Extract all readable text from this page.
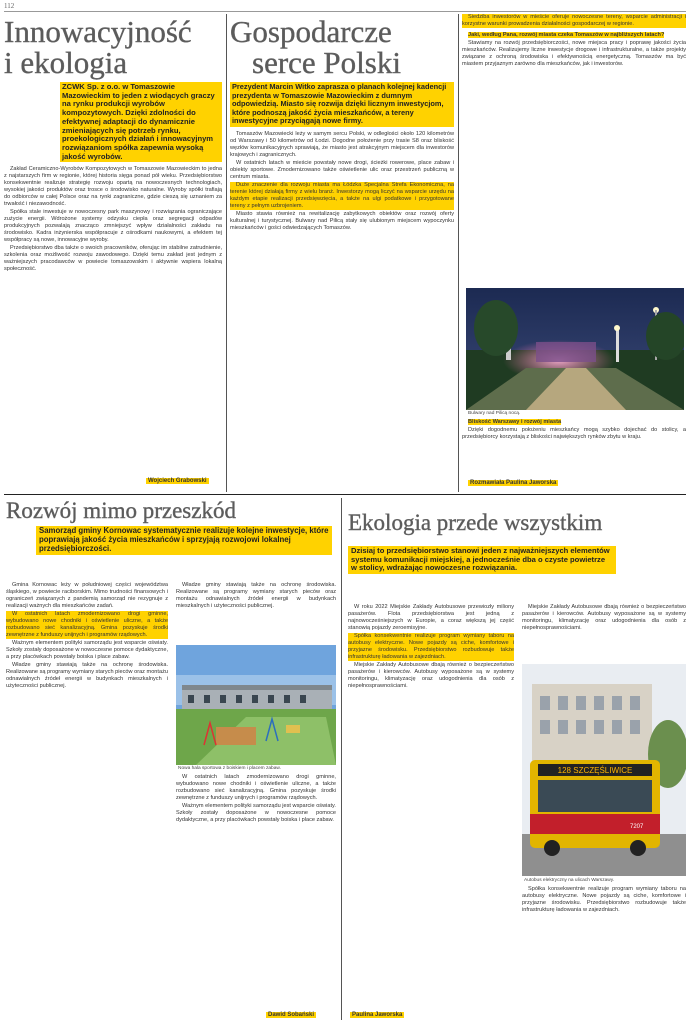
112
Innowacyjność
i ekologia
ZCWK Sp. z o.o. w Tomaszowie Mazowieckim to jeden z wiodących graczy na rynku produkcji wyrobów kompozytowych. Dzięki zdolności do efektywnej adaptacji do dynamicznie zmieniających się potrzeb rynku, proekologicznych działań i innowacyjnym rozwiązaniom spółka zapewnia wysoką jakość wyrobów.

Zakład Ceramiczno-Wyrobów Kompozytowych w Tomaszowie Mazowieckim to jedna z najstarszych firm w regionie, której historia sięga ponad pół wieku. Przedsiębiorstwo konsekwentnie realizuje strategię rozwoju opartą na nowoczesnych technologiach, wysokiej jakości produktów oraz trosce o środowisko naturalne. Wyroby spółki trafiają do odbiorców w całej Polsce oraz na rynki zagraniczne, gdzie cieszą się uznaniem za trwałość i niezawodność.

Spółka stale inwestuje w nowoczesny park maszynowy i rozwiązania ograniczające zużycie energii. Wdrożone systemy odzysku ciepła oraz segregacji odpadów produkcyjnych pozwalają znacząco zmniejszyć wpływ działalności zakładu na środowisko. Kadra inżynierska współpracuje z ośrodkami naukowymi, a efektem tej współpracy są nowe, innowacyjne wyroby.

Przedsiębiorstwo dba także o swoich pracowników, oferując im stabilne zatrudnienie, szkolenia oraz możliwość rozwoju zawodowego. Dzięki temu zakład jest jednym z ważniejszych pracodawców w powiecie tomaszowskim i aktywnie wspiera lokalną społeczność.

Wojciech Grabowski
Gospodarcze
serce Polski
Prezydent Marcin Witko zaprasza o planach kolejnej kadencji prezydenta w Tomaszowie Mazowieckim z dumnym odpowiedzią. Miasto się rozwija dzięki licznym inwestycjom, które podnoszą jakość życia mieszkańców, a tereny inwestycyjne przyciągają nowe firmy.

Tomaszów Mazowiecki leży w samym sercu Polski, w odległości około 120 kilometrów od Warszawy i 50 kilometrów od Łodzi. Dogodne położenie przy trasie S8 oraz bliskość węzłów komunikacyjnych sprawiają, że miasto jest atrakcyjnym miejscem dla inwestorów krajowych i zagranicznych.

W ostatnich latach w mieście powstały nowe drogi, ścieżki rowerowe, place zabaw i obiekty sportowe. Zmodernizowano także oświetlenie ulic oraz przestrzeń publiczną w centrum miasta.

Duże znaczenie dla rozwoju miasta ma Łódzka Specjalna Strefa Ekonomiczna, na terenie której działają firmy z wielu branż. Inwestorzy mogą liczyć na wsparcie urzędu na każdym etapie realizacji przedsięwzięcia, a także na ulgi podatkowe i przygotowane tereny z pełnym uzbrojeniem.

Miasto stawia również na rewitalizację zabytkowych obiektów oraz rozwój oferty kulturalnej i turystycznej. Bulwary nad Pilicą stały się ulubionym miejscem wypoczynku mieszkańców i gości odwiedzających Tomaszów.

Siedziba inwestorów w mieście oferuje nowoczesne tereny, wsparcie administracji i korzystne warunki prowadzenia działalności gospodarczej w regionie.

Jaki, według Pana, rozwój miasta czeka Tomaszów w najbliższych latach?

Stawiamy na rozwój przedsiębiorczości, nowe miejsca pracy i poprawę jakości życia mieszkańców. Realizujemy liczne inwestycje drogowe i infrastrukturalne, a także projekty związane z ochroną środowiska i efektywnością energetyczną. Tomaszów ma być miastem przyjaznym zarówno dla mieszkańców, jak i inwestorów.

Bulwary nad Pilicą nocą.

Bliskość Warszawy i rozwój miasta

Dzięki dogodnemu położeniu mieszkańcy mogą szybko dojechać do stolicy, a przedsiębiorcy korzystają z bliskości największych rynków zbytu w kraju.

Rozmawiała Paulina Jaworska
Rozwój mimo przeszkód
Samorząd gminy Kornowac systematycznie realizuje kolejne inwestycje, które poprawiają jakość życia mieszkańców i sprzyjają rozwojowi lokalnej przedsiębiorczości.

Gmina Kornowac leży w południowej części województwa śląskiego, w powiecie raciborskim. Mimo trudności finansowych i ograniczeń związanych z pandemią samorząd nie rezygnuje z realizacji ważnych dla mieszkańców zadań.

W ostatnich latach zmodernizowano drogi gminne, wybudowano nowe chodniki i oświetlenie uliczne, a także rozbudowano sieć kanalizacyjną. Gmina pozyskuje środki zewnętrzne z funduszy unijnych i programów rządowych.

Ważnym elementem polityki samorządu jest wsparcie oświaty. Szkoły zostały doposażone w nowoczesne pomoce dydaktyczne, a przy placówkach powstały boiska i place zabaw.

Władze gminy stawiają także na ochronę środowiska. Realizowane są programy wymiany starych pieców oraz montażu odnawialnych źródeł energii w budynkach mieszkalnych i użyteczności publicznej.

Władze gminy stawiają także na ochronę środowiska. Realizowane są programy wymiany starych pieców oraz montażu odnawialnych źródeł energii w budynkach mieszkalnych i użyteczności publicznej.

Nowa hala sportowa z boiskiem i placem zabaw.

W ostatnich latach zmodernizowano drogi gminne, wybudowano nowe chodniki i oświetlenie uliczne, a także rozbudowano sieć kanalizacyjną. Gmina pozyskuje środki zewnętrzne z funduszy unijnych i programów rządowych.

Ważnym elementem polityki samorządu jest wsparcie oświaty. Szkoły zostały doposażone w nowoczesne pomoce dydaktyczne, a przy placówkach powstały boiska i place zabaw.

Dawid Sobański
Ekologia przede wszystkim
Dzisiaj to przedsiębiorstwo stanowi jeden z najważniejszych elementów systemu komunikacji miejskiej, a jednocześnie dba o czyste powietrze w stolicy, wdrażając nowoczesne rozwiązania.

W roku 2022 Miejskie Zakłady Autobusowe przewiozły miliony pasażerów. Flota przedsiębiorstwa jest jedną z najnowocześniejszych w Europie, a coraz większą jej część stanowią pojazdy zeroemisyjne.

Spółka konsekwentnie realizuje program wymiany taboru na autobusy elektryczne. Nowe pojazdy są ciche, komfortowe i przyjazne środowisku. Przedsiębiorstwo rozbudowuje także infrastrukturę ładowania w zajezdniach.

Miejskie Zakłady Autobusowe dbają również o bezpieczeństwo pasażerów i kierowców. Autobusy wyposażone są w systemy monitoringu, klimatyzację oraz udogodnienia dla osób z niepełnosprawnościami.

Miejskie Zakłady Autobusowe dbają również o bezpieczeństwo pasażerów i kierowców. Autobusy wyposażone są w systemy monitoringu, klimatyzację oraz udogodnienia dla osób z niepełnosprawnościami.

128 SZCZĘŚLIWICE
7207
Autobus elektryczny na ulicach Warszawy.

Spółka konsekwentnie realizuje program wymiany taboru na autobusy elektryczne. Nowe pojazdy są ciche, komfortowe i przyjazne środowisku. Przedsiębiorstwo rozbudowuje także infrastrukturę ładowania w zajezdniach.

Paulina Jaworska
